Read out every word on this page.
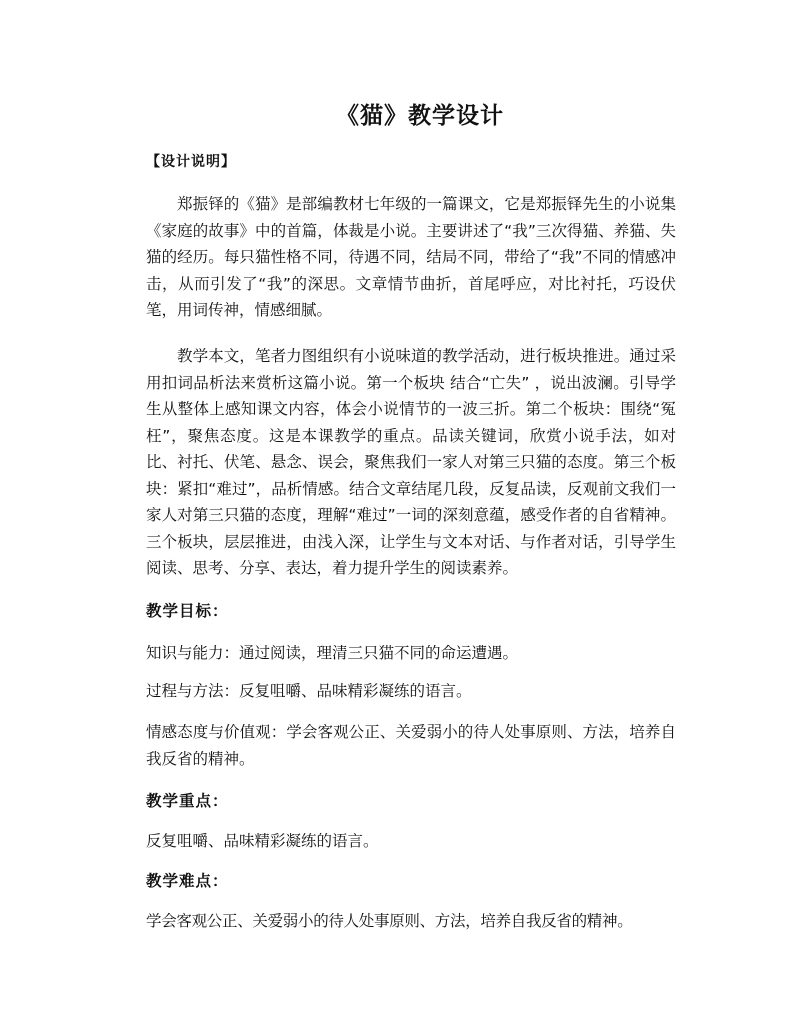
《猫》教学设计
【设计说明】

郑振铎的《猫》是部编教材七年级的一篇课文，它是郑振铎先生的小说集《家庭的故事》中的首篇，体裁是小说。主要讲述了“我”三次得猫、养猫、失猫的经历。每只猫性格不同，待遇不同，结局不同，带给了“我”不同的情感冲击，从而引发了“我”的深思。文章情节曲折，首尾呼应，对比衬托，巧设伏笔，用词传神，情感细腻。

教学本文，笔者力图组织有小说味道的教学活动，进行板块推进。通过采用扣词品析法来赏析这篇小说。第一个板块 结合“亡失” ，说出波澜。引导学生从整体上感知课文内容，体会小说情节的一波三折。第二个板块：围绕“冤枉”，聚焦态度。这是本课教学的重点。品读关键词，欣赏小说手法，如对比、衬托、伏笔、悬念、误会，聚焦我们一家人对第三只猫的态度。第三个板块：紧扣“难过”，品析情感。结合文章结尾几段，反复品读，反观前文我们一家人对第三只猫的态度，理解“难过”一词的深刻意蕴，感受作者的自省精神。三个板块，层层推进，由浅入深，让学生与文本对话、与作者对话，引导学生阅读、思考、分享、表达，着力提升学生的阅读素养。

教学目标：

知识与能力：通过阅读，理清三只猫不同的命运遭遇。

过程与方法：反复咀嚼、品味精彩凝练的语言。

情感态度与价值观：学会客观公正、关爱弱小的待人处事原则、方法，培养自我反省的精神。

教学重点：

反复咀嚼、品味精彩凝练的语言。

教学难点：

学会客观公正、关爱弱小的待人处事原则、方法，培养自我反省的精神。
